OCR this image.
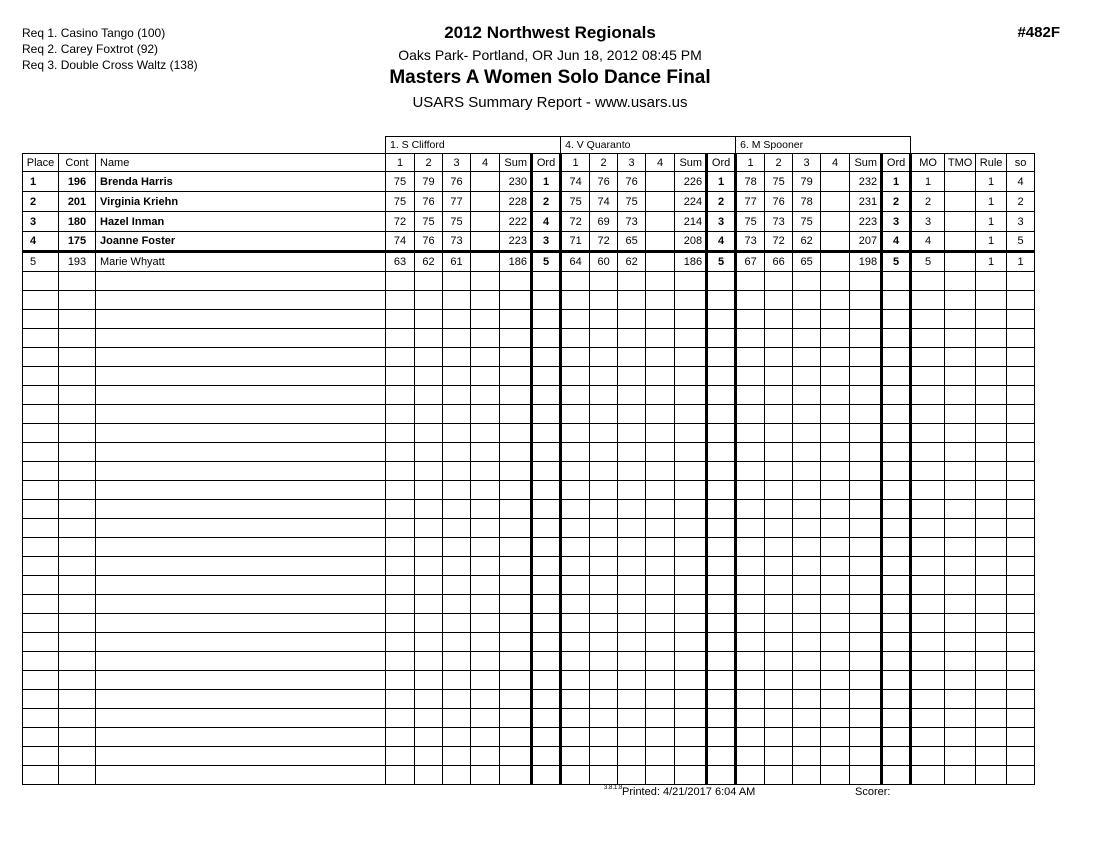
Req 1. Casino Tango (100)
Req 2. Carey Foxtrot (92)
Req 3. Double Cross Waltz (138)
2012 Northwest Regionals
Oaks Park- Portland, OR Jun 18, 2012 08:45 PM
Masters A Women Solo Dance Final
USARS Summary Report - www.usars.us
#482F
			1. S Clifford						4. V Quaranto						6. M Spooner									
Place	Cont	Name	1	2	3	4	Sum	Ord	1	2	3	4	Sum	Ord	1	2	3	4	Sum	Ord	MO	TMO	Rule	so
1	196	Brenda Harris	75	79	76		230	1	74	76	76		226	1	78	75	79		232	1	1		1	4
2	201	Virginia Kriehn	75	76	77		228	2	75	74	75		224	2	77	76	78		231	2	2		1	2
3	180	Hazel Inman	72	75	75		222	4	72	69	73		214	3	75	73	75		223	3	3		1	3
4	175	Joanne Foster	74	76	73		223	3	71	72	65		208	4	73	72	62		207	4	4		1	5
5	193	Marie Whyatt	63	62	61		186	5	64	60	62		186	5	67	66	65		198	5	5		1	1

3.8.1.8 Printed: 4/21/2017 6:04 AM	Scorer:
